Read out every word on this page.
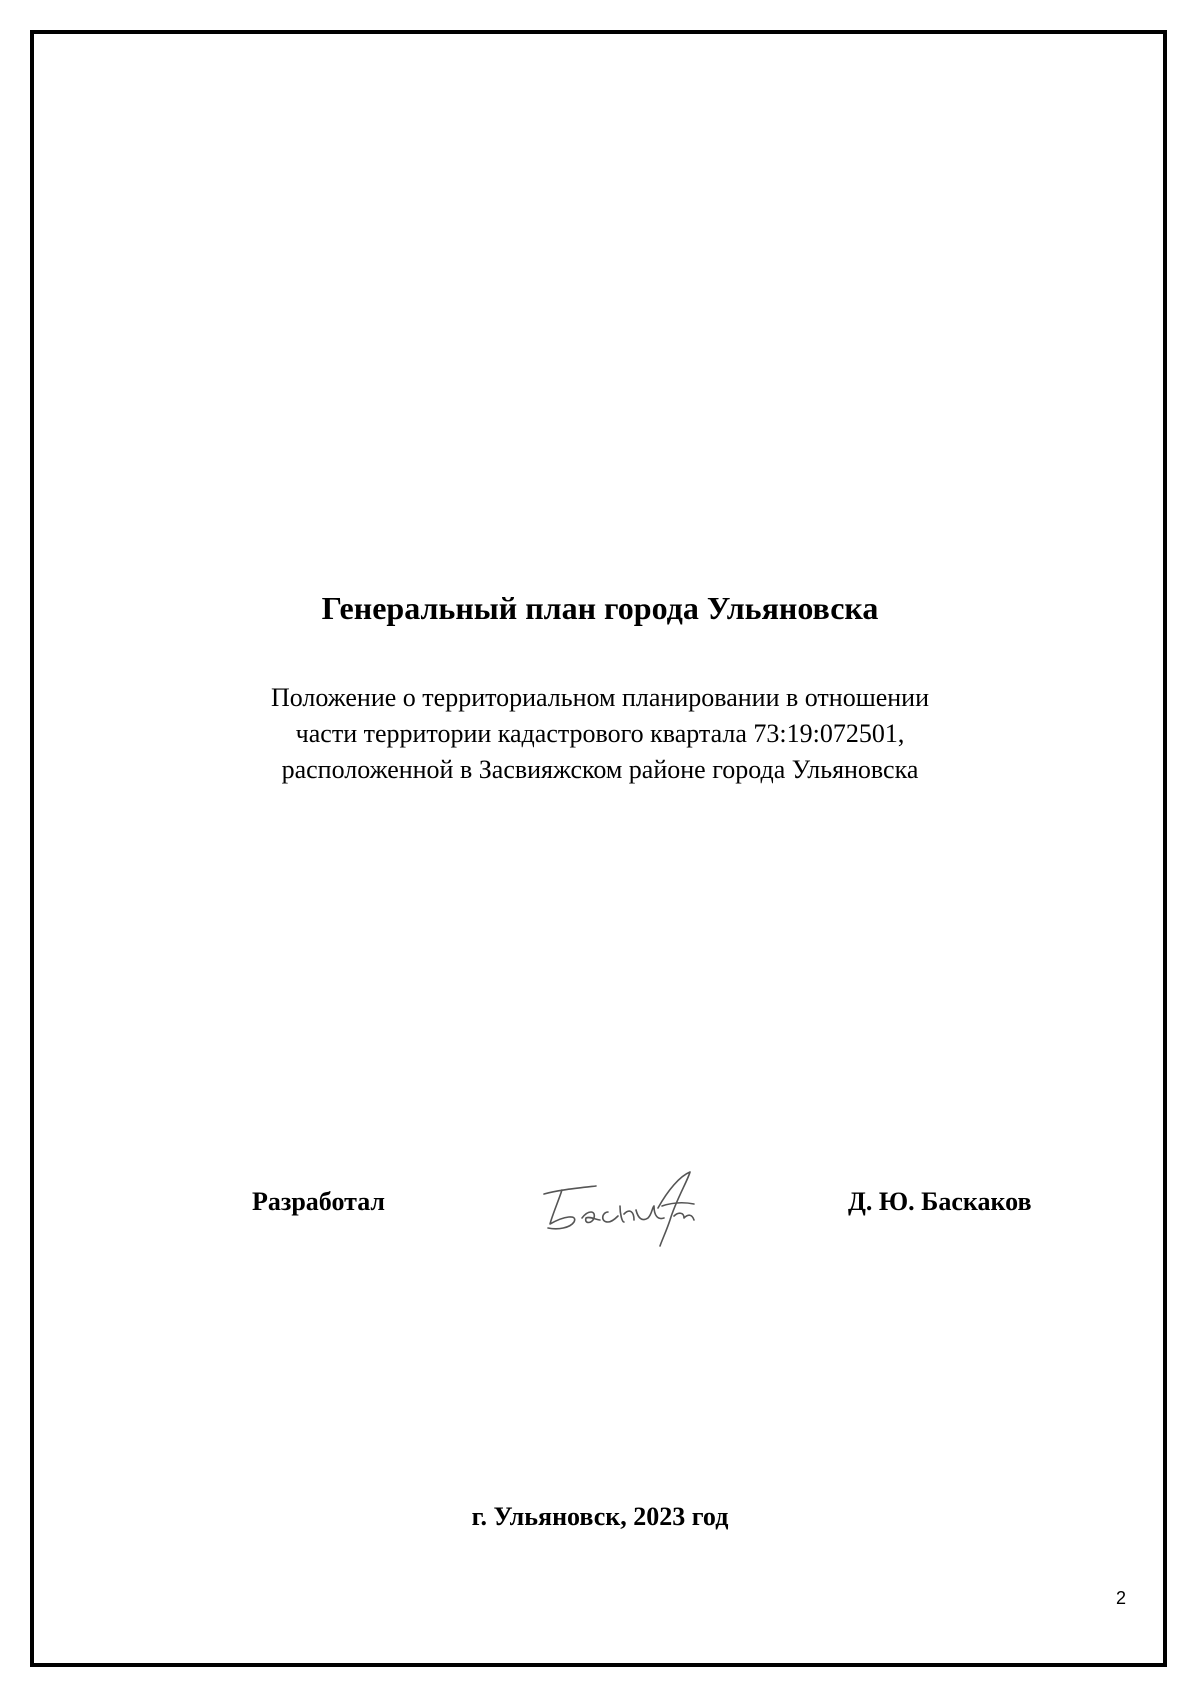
Генеральный план города Ульяновска
Положение о территориальном планировании в отношении
части территории кадастрового квартала 73:19:072501,
расположенной в Засвияжском районе города Ульяновска
Разработал	Д. Ю. Баскаков
г. Ульяновск, 2023 год
2
